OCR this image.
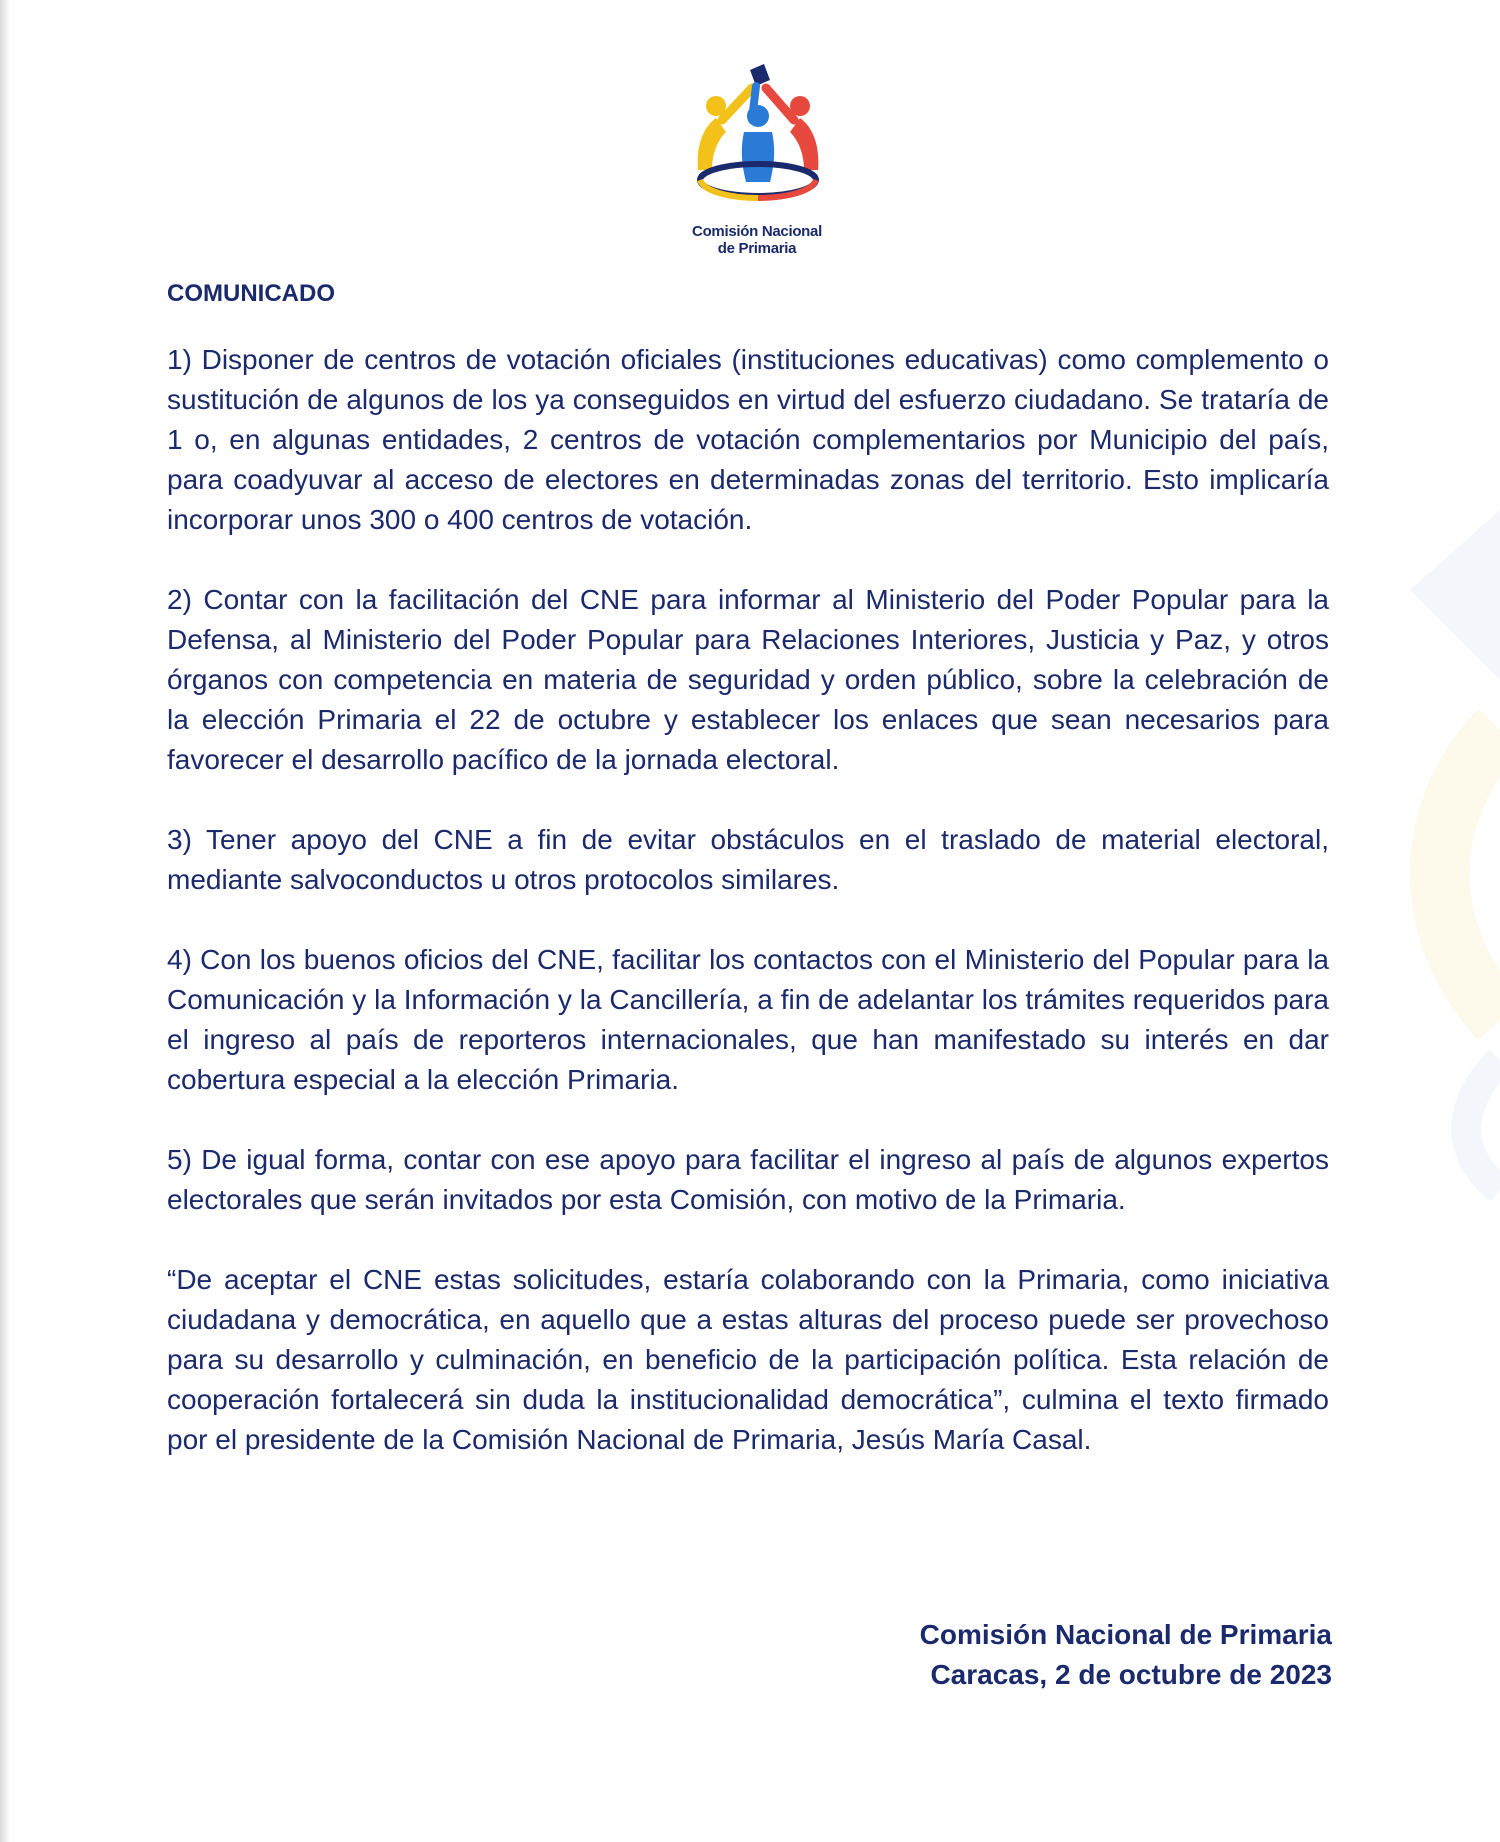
Comisión Nacional
de Primaria
COMUNICADO

1) Disponer de centros de votación oficiales (instituciones educativas) como complemento o sustitución de algunos de los ya conseguidos en virtud del esfuerzo ciudadano. Se trataría de 1 o, en algunas entidades, 2 centros de votación complementarios por Municipio del país, para coadyuvar al acceso de electores en determinadas zonas del territorio. Esto implicaría incorporar unos 300 o 400 centros de votación.

2) Contar con la facilitación del CNE para informar al Ministerio del Poder Popular para la Defensa, al Ministerio del Poder Popular para Relaciones Interiores, Justicia y Paz, y otros órganos con competencia en materia de seguridad y orden público, sobre la celebración de la elección Primaria el 22 de octubre y establecer los enlaces que sean necesarios para favorecer el desarrollo pacífico de la jornada electoral.

3) Tener apoyo del CNE a fin de evitar obstáculos en el traslado de material electoral, mediante salvoconductos u otros protocolos similares.

4) Con los buenos oficios del CNE, facilitar los contactos con el Ministerio del Popular para la Comunicación y la Información y la Cancillería, a fin de adelantar los trámites requeridos para el ingreso al país de reporteros internacionales, que han manifestado su interés en dar cobertura especial a la elección Primaria.

5) De igual forma, contar con ese apoyo para facilitar el ingreso al país de algunos expertos electorales que serán invitados por esta Comisión, con motivo de la Primaria.

“De aceptar el CNE estas solicitudes, estaría colaborando con la Primaria, como iniciativa ciudadana y democrática, en aquello que a estas alturas del proceso puede ser provechoso para su desarrollo y culminación, en beneficio de la participación política. Esta relación de cooperación fortalecerá sin duda la institucionalidad democrática”, culmina el texto firmado por el presidente de la Comisión Nacional de Primaria, Jesús María Casal.

Comisión Nacional de Primaria
Caracas, 2 de octubre de 2023
